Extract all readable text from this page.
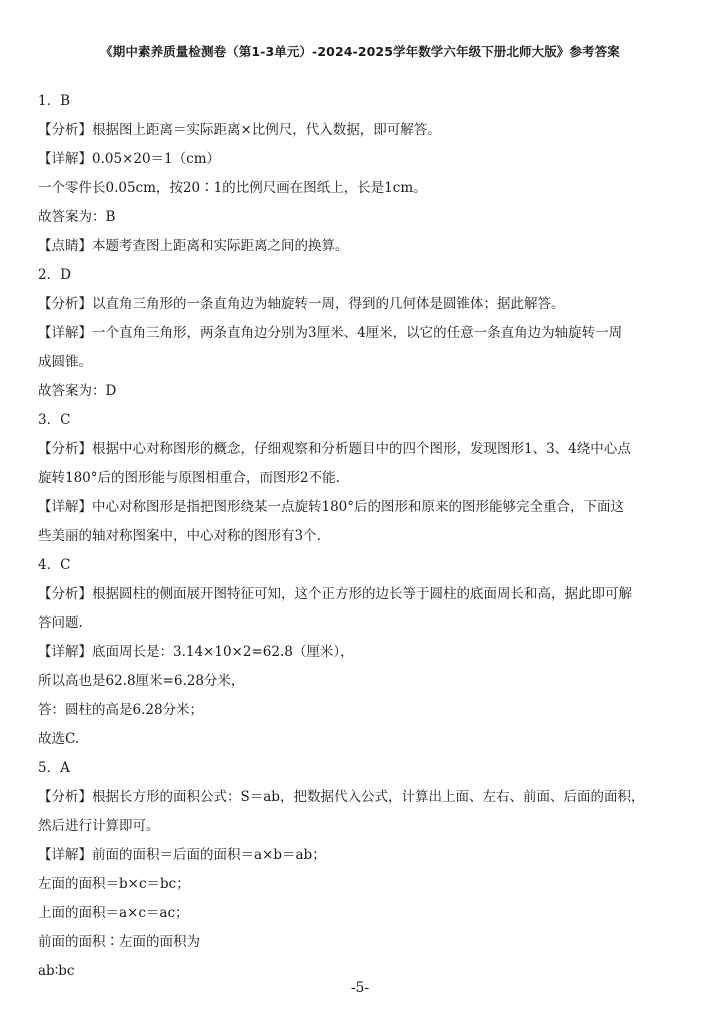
《期中素养质量检测卷（第1-3单元）-2024-2025学年数学六年级下册北师大版》参考答案
1．B
【分析】根据图上距离＝实际距离×比例尺，代入数据，即可解答。
【详解】0.05×20＝1（cm）
一个零件长0.05cm，按20∶1的比例尺画在图纸上，长是1cm。
故答案为：B
【点睛】本题考查图上距离和实际距离之间的换算。
2．D
【分析】以直角三角形的一条直角边为轴旋转一周，得到的几何体是圆锥体；据此解答。
【详解】一个直角三角形，两条直角边分别为3厘米、4厘米，以它的任意一条直角边为轴旋转一周
成圆锥。
故答案为：D
3．C
【分析】根据中心对称图形的概念，仔细观察和分析题目中的四个图形，发现图形1、3、4绕中心点
旋转180°后的图形能与原图相重合，而图形2不能.
【详解】中心对称图形是指把图形绕某一点旋转180°后的图形和原来的图形能够完全重合，下面这
些美丽的轴对称图案中，中心对称的图形有3个.
4．C
【分析】根据圆柱的侧面展开图特征可知，这个正方形的边长等于圆柱的底面周长和高，据此即可解
答问题.
【详解】底面周长是：3.14×10×2=62.8（厘米），
所以高也是62.8厘米=6.28分米，
答：圆柱的高是6.28分米；
故选C.
5．A
【分析】根据长方形的面积公式：S＝ab，把数据代入公式，计算出上面、左右、前面、后面的面积，
然后进行计算即可。
【详解】前面的面积＝后面的面积＝a×b＝ab；
左面的面积＝b×c＝bc；
上面的面积＝a×c＝ac；
前面的面积∶左面的面积为
ab∶bc
-5-
